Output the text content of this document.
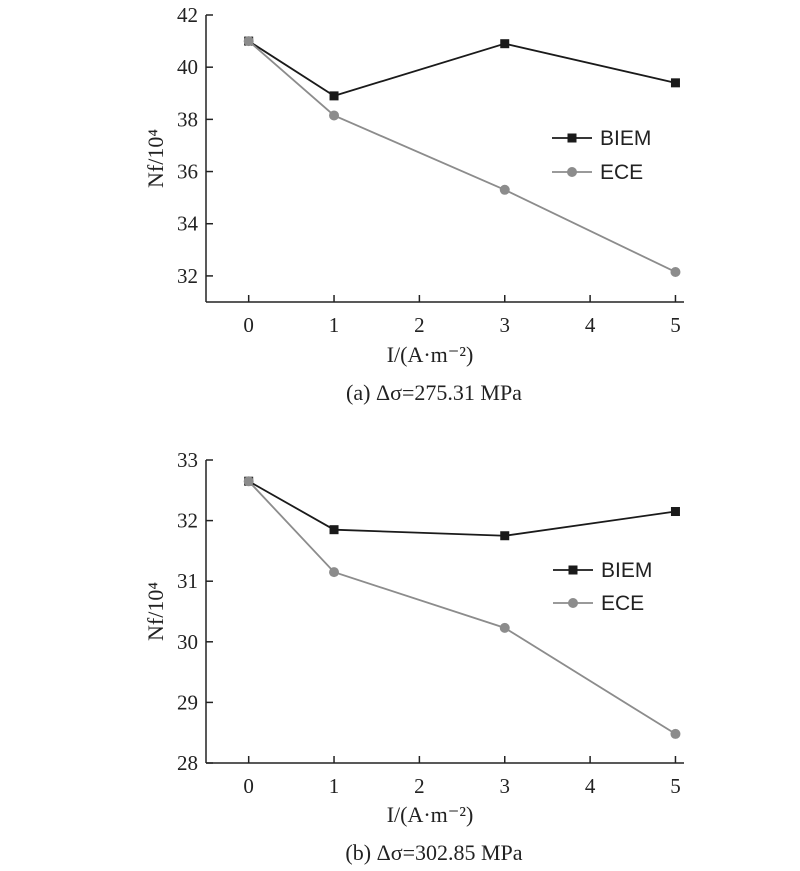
32
34
36
38
40
42
0	1	2	3	4	5
I/(A·m⁻²)
Nf/10⁴
(a) Δσ=275.31 MPa
BIEM
ECE
28
29
30
31
32
33
0	1	2	3	4	5
I/(A·m⁻²)
Nf/10⁴
(b) Δσ=302.85 MPa
BIEM
ECE
